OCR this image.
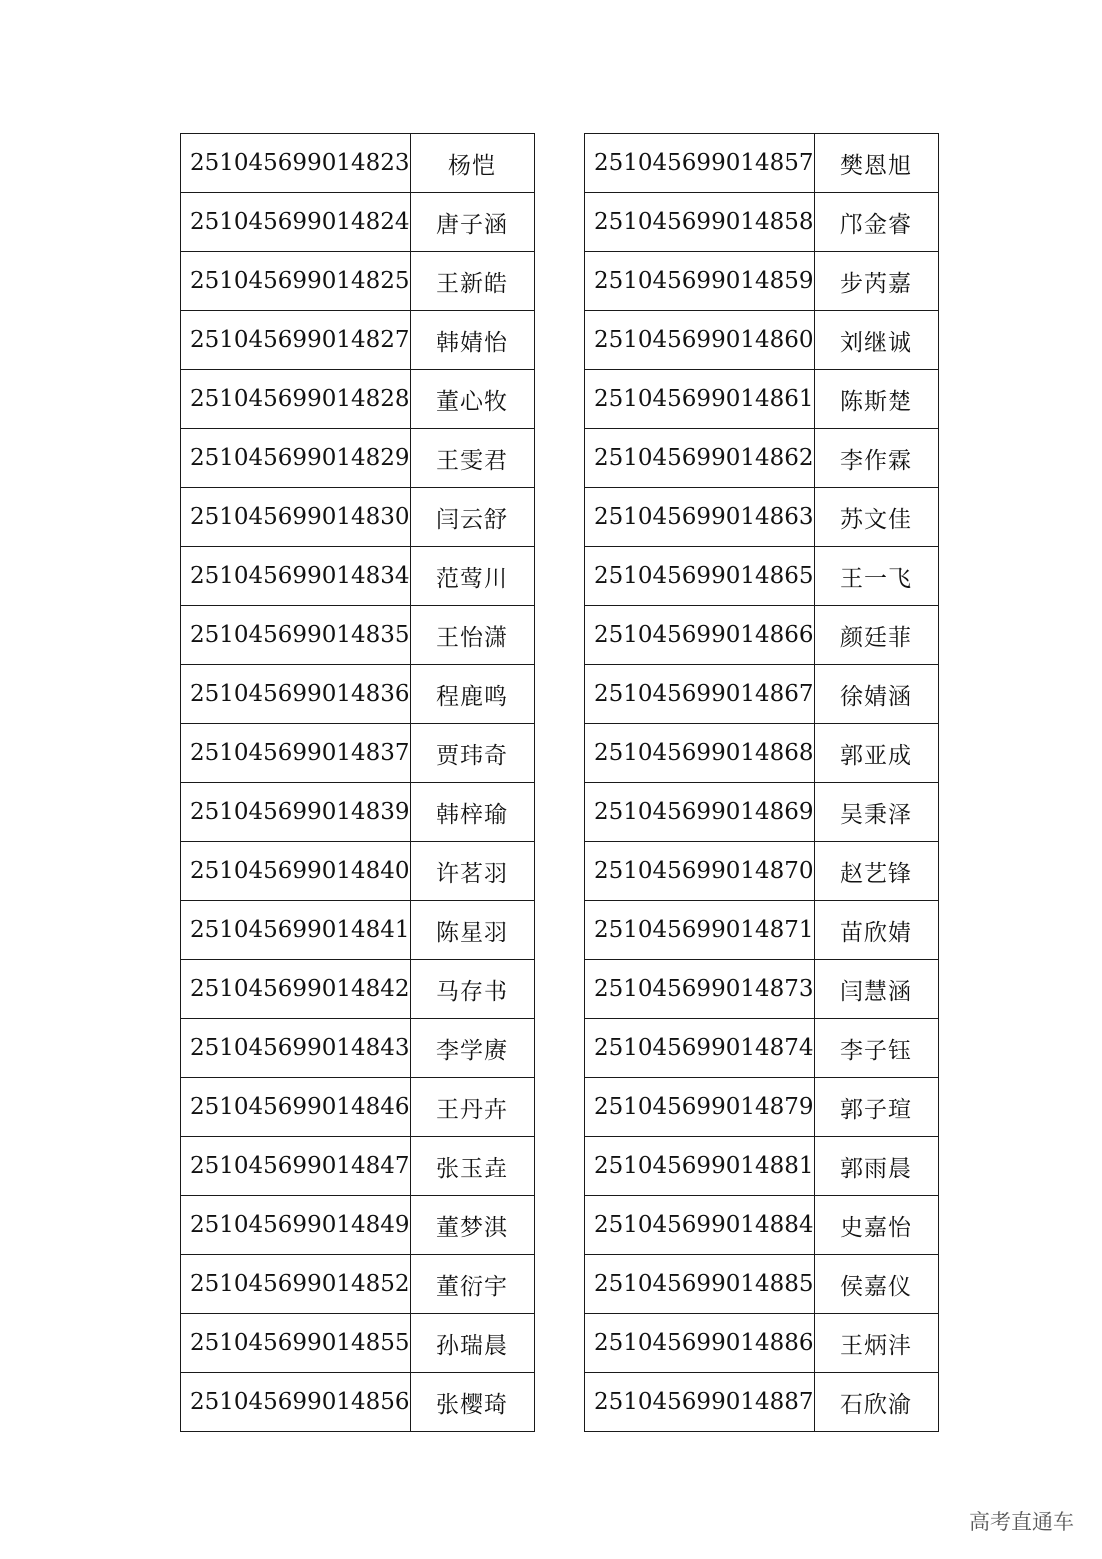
251045699014823	杨恺
251045699014824	唐子涵
251045699014825	王新皓
251045699014827	韩婧怡
251045699014828	董心牧
251045699014829	王雯君
251045699014830	闫云舒
251045699014834	范莺川
251045699014835	王怡潇
251045699014836	程鹿鸣
251045699014837	贾玮奇
251045699014839	韩梓瑜
251045699014840	许茗羽
251045699014841	陈星羽
251045699014842	马存书
251045699014843	李学赓
251045699014846	王丹卉
251045699014847	张玉垚
251045699014849	董梦淇
251045699014852	董衍宇
251045699014855	孙瑞晨
251045699014856	张樱琦
251045699014857	樊恩旭
251045699014858	邝金睿
251045699014859	步芮嘉
251045699014860	刘继诚
251045699014861	陈斯楚
251045699014862	李作霖
251045699014863	苏文佳
251045699014865	王一飞
251045699014866	颜廷菲
251045699014867	徐婧涵
251045699014868	郭亚成
251045699014869	吴秉泽
251045699014870	赵艺锋
251045699014871	苗欣婧
251045699014873	闫慧涵
251045699014874	李子钰
251045699014879	郭子瑄
251045699014881	郭雨晨
251045699014884	史嘉怡
251045699014885	侯嘉仪
251045699014886	王炳沣
251045699014887	石欣渝
高考直通车
